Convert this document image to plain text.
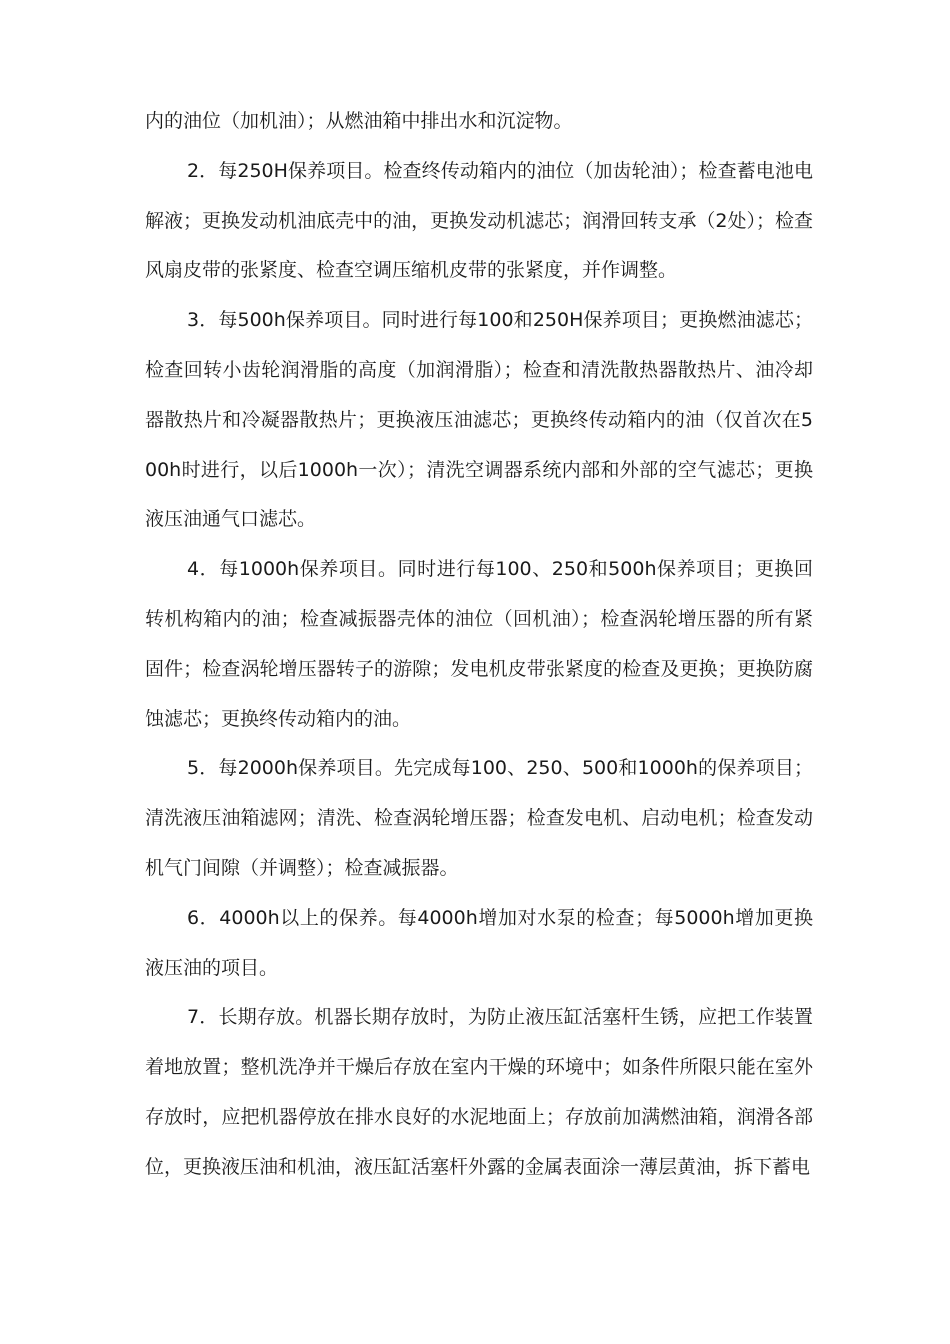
内的油位（加机油）；从燃油箱中排出水和沉淀物。

2．每250H保养项目。检查终传动箱内的油位（加齿轮油）；检查蓄电池电解液；更换发动机油底壳中的油，更换发动机滤芯；润滑回转支承（2处）；检查风扇皮带的张紧度、检查空调压缩机皮带的张紧度，并作调整。

3．每500h保养项目。同时进行每100和250H保养项目；更换燃油滤芯；检查回转小齿轮润滑脂的高度（加润滑脂）；检查和清洗散热器散热片、油冷却器散热片和冷凝器散热片；更换液压油滤芯；更换终传动箱内的油（仅首次在500h时进行，以后1000h一次）；清洗空调器系统内部和外部的空气滤芯；更换液压油通气口滤芯。

4．每1000h保养项目。同时进行每100、250和500h保养项目；更换回转机构箱内的油；检查减振器壳体的油位（回机油）；检查涡轮增压器的所有紧固件；检查涡轮增压器转子的游隙；发电机皮带张紧度的检查及更换；更换防腐蚀滤芯；更换终传动箱内的油。

5．每2000h保养项目。先完成每100、250、500和1000h的保养项目；清洗液压油箱滤网；清洗、检查涡轮增压器；检查发电机、启动电机；检查发动机气门间隙（并调整）；检查减振器。

6．4000h以上的保养。每4000h增加对水泵的检查；每5000h增加更换液压油的项目。

7．长期存放。机器长期存放时，为防止液压缸活塞杆生锈，应把工作装置着地放置；整机洗净并干燥后存放在室内干燥的环境中；如条件所限只能在室外存放时，应把机器停放在排水良好的水泥地面上；存放前加满燃油箱，润滑各部位，更换液压油和机油，液压缸活塞杆外露的金属表面涂一薄层黄油，拆下蓄电
